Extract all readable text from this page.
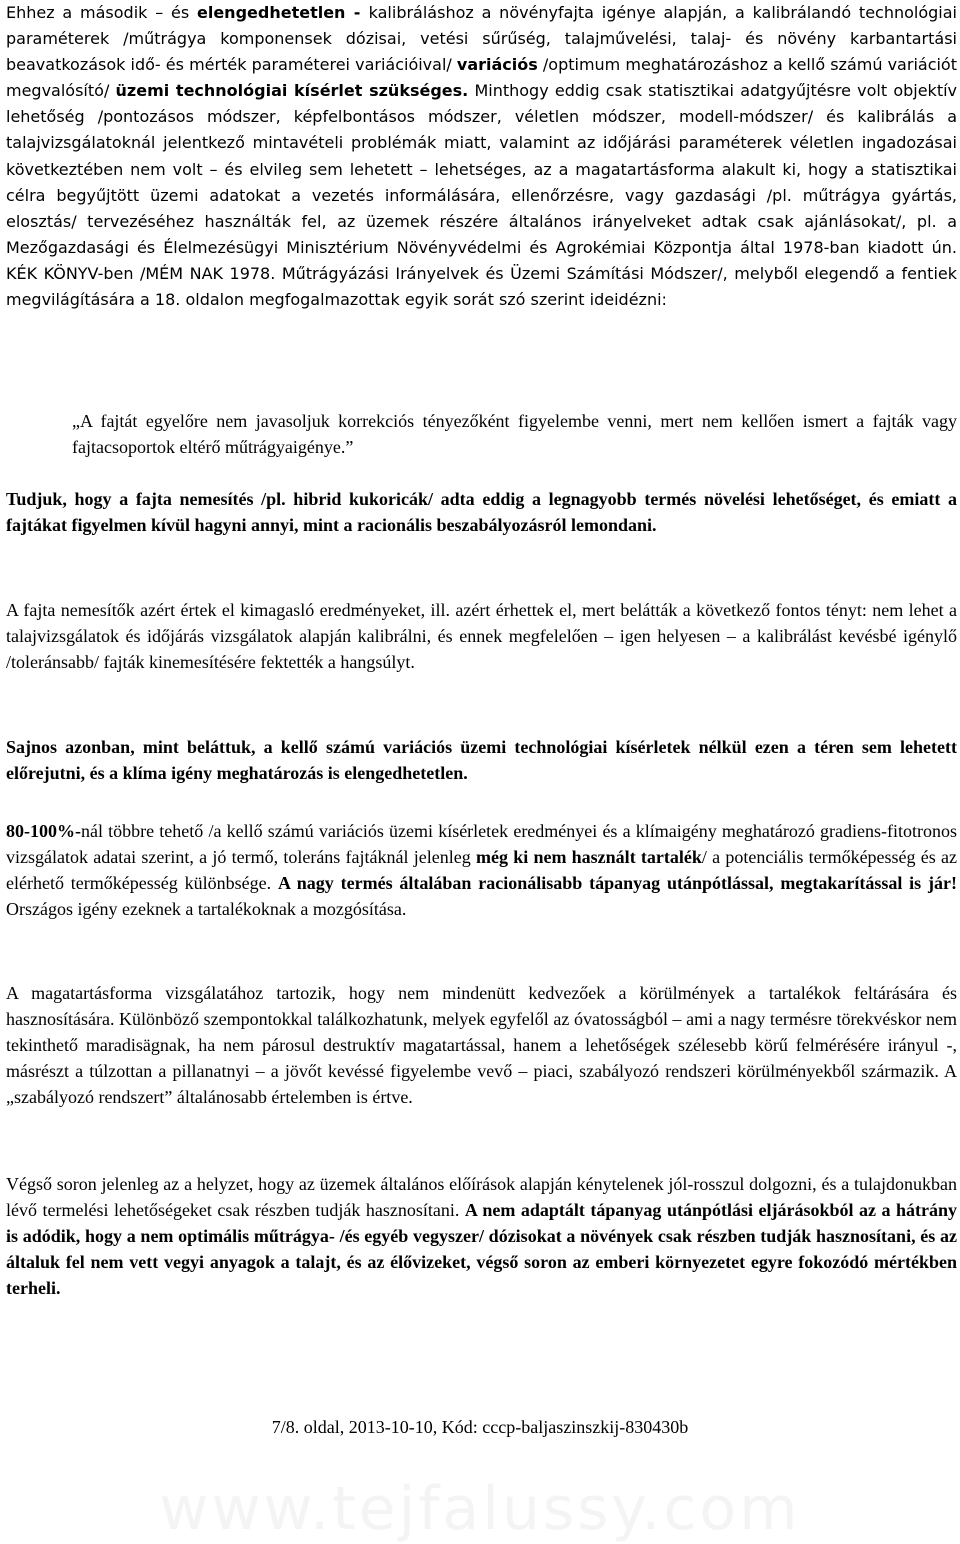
Ehhez a második – és elengedhetetlen - kalibráláshoz a növényfajta igénye alapján, a kalibrálandó technológiai paraméterek /műtrágya komponensek dózisai, vetési sűrűség, talajművelési, talaj- és növény karbantartási beavatkozások idő- és mérték paraméterei variációival/ variációs /optimum meghatározáshoz a kellő számú variációt megvalósító/ üzemi technológiai kísérlet szükséges. Minthogy eddig csak statisztikai adatgyűjtésre volt objektív lehetőség /pontozásos módszer, képfelbontásos módszer, véletlen módszer, modell-módszer/ és kalibrálás a talajvizsgálatoknál jelentkező mintavételi problémák miatt, valamint az időjárási paraméterek véletlen ingadozásai következtében nem volt – és elvileg sem lehetett – lehetséges, az a magatartásforma alakult ki, hogy a statisztikai célra begyűjtött üzemi adatokat a vezetés informálására, ellenőrzésre, vagy gazdasági /pl. műtrágya gyártás, elosztás/ tervezéséhez használták fel, az üzemek részére általános irányelveket adtak csak ajánlásokat/, pl. a Mezőgazdasági és Élelmezésügyi Minisztérium Növényvédelmi és Agrokémiai Központja által 1978-ban kiadott ún. KÉK KÖNYV-ben /MÉM NAK 1978. Műtrágyázási Irányelvek és Üzemi Számítási Módszer/, melyből elegendő a fentiek megvilágítására a 18. oldalon megfogalmazottak egyik sorát szó szerint ideidézni:

„A fajtát egyelőre nem javasoljuk korrekciós tényezőként figyelembe venni, mert nem kellően ismert a fajták vagy fajtacsoportok eltérő műtrágyaigénye.”

Tudjuk, hogy a fajta nemesítés /pl. hibrid kukoricák/ adta eddig a legnagyobb termés növelési lehetőséget, és emiatt a fajtákat figyelmen kívül hagyni annyi, mint a racionális beszabályozásról lemondani.

A fajta nemesítők azért értek el kimagasló eredményeket, ill. azért érhettek el, mert belátták a következő fontos tényt: nem lehet a talajvizsgálatok és időjárás vizsgálatok alapján kalibrálni, és ennek megfelelően – igen helyesen – a kalibrálást kevésbé igénylő /toleránsabb/ fajták kinemesítésére fektették a hangsúlyt.

Sajnos azonban, mint beláttuk, a kellő számú variációs üzemi technológiai kísérletek nélkül ezen a téren sem lehetett előrejutni, és a klíma igény meghatározás is elengedhetetlen.

80-100%-nál többre tehető /a kellő számú variációs üzemi kísérletek eredményei és a klímaigény meghatározó gradiens-fitotronos vizsgálatok adatai szerint, a jó termő, toleráns fajtáknál jelenleg még ki nem használt tartalék/ a potenciális termőképesség és az elérhető termőképesség különbsége. A nagy termés általában racionálisabb tápanyag utánpótlással, megtakarítással is jár! Országos igény ezeknek a tartalékoknak a mozgósítása.

A magatartásforma vizsgálatához tartozik, hogy nem mindenütt kedvezőek a körülmények a tartalékok feltárására és hasznosítására. Különböző szempontokkal találkozhatunk, melyek egyfelől az óvatosságból – ami a nagy termésre törekvéskor nem tekinthető maradisägnak, ha nem párosul destruktív magatartással, hanem a lehetőségek szélesebb körű felmérésére irányul -, másrészt a túlzottan a pillanatnyi – a jövőt kevéssé figyelembe vevő – piaci, szabályozó rendszeri körülményekből származik. A „szabályozó rendszert” általánosabb értelemben is értve.

Végső soron jelenleg az a helyzet, hogy az üzemek általános előírások alapján kénytelenek jól-rosszul dolgozni, és a tulajdonukban lévő termelési lehetőségeket csak részben tudják hasznosítani. A nem adaptált tápanyag utánpótlási eljárásokból az a hátrány is adódik, hogy a nem optimális műtrágya- /és egyéb vegyszer/ dózisokat a növények csak részben tudják hasznosítani, és az általuk fel nem vett vegyi anyagok a talajt, és az élővizeket, végső soron az emberi környezetet egyre fokozódó mértékben terheli.

7/8. oldal, 2013-10-10, Kód: cccp-baljaszinszkij-830430b
www.tejfalussy.com
